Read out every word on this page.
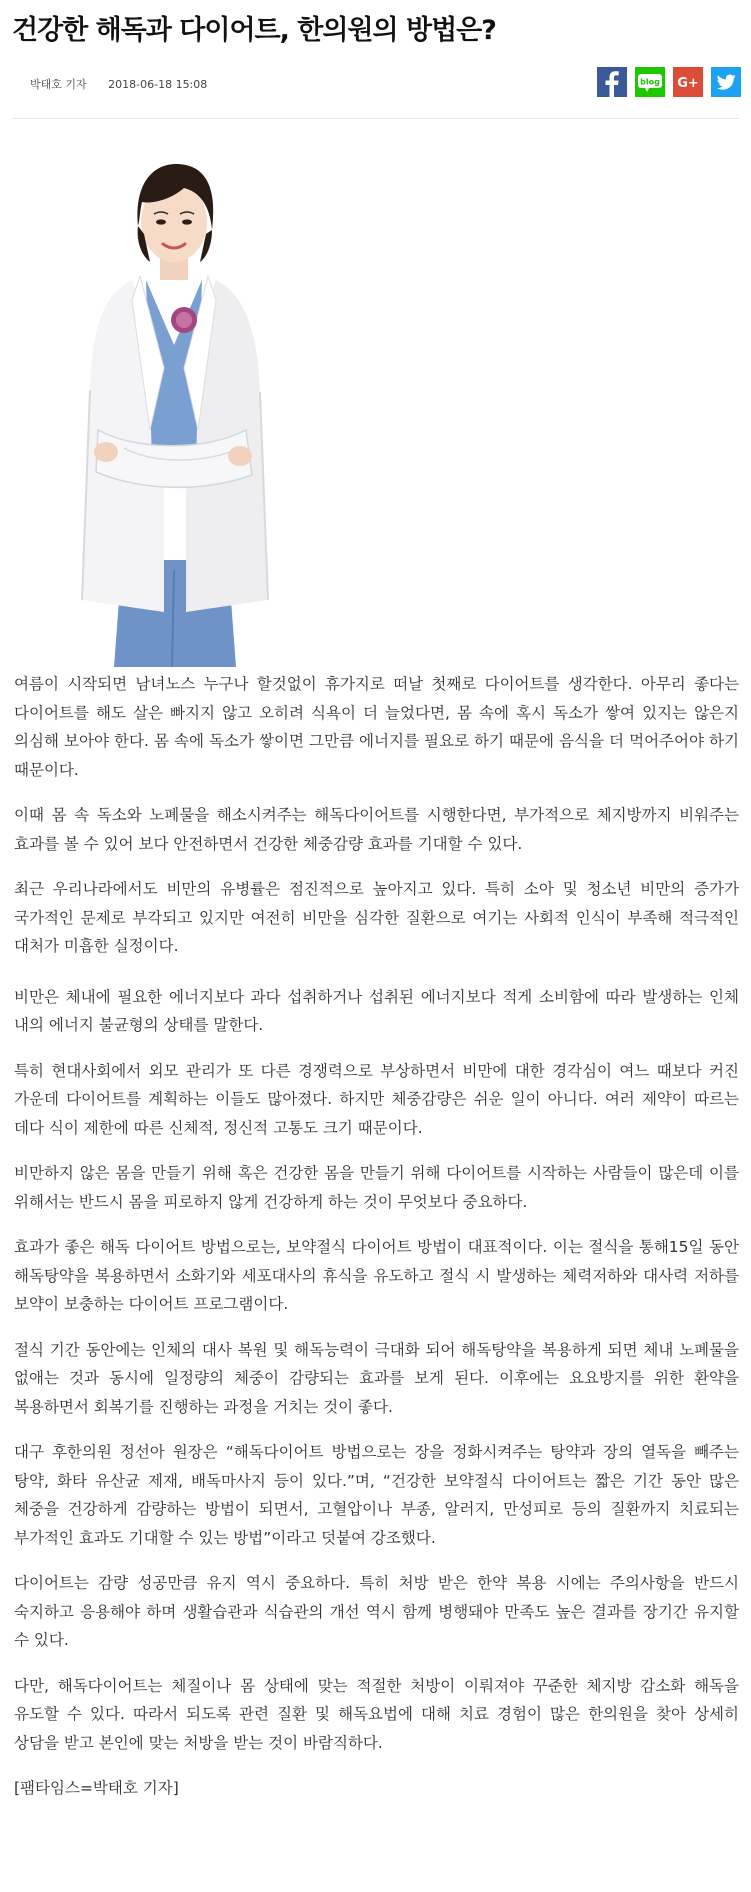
건강한 해독과 다이어트, 한의원의 방법은?
박태호 기자 2018-06-18 15:08	blog G+

여름이 시작되면 남녀노스 누구나 할것없이 휴가지로 떠날 첫째로 다이어트를 생각한다. 아무리 좋다는 다이어트를 해도 살은 빠지지 않고 오히려 식욕이 더 늘었다면, 몸 속에 혹시 독소가 쌓여 있지는 않은지 의심해 보아야 한다. 몸 속에 독소가 쌓이면 그만큼 에너지를 필요로 하기 때문에 음식을 더 먹어주어야 하기 때문이다.

이때 몸 속 독소와 노폐물을 해소시켜주는 해독다이어트를 시행한다면, 부가적으로 체지방까지 비워주는 효과를 볼 수 있어 보다 안전하면서 건강한 체중감량 효과를 기대할 수 있다.

최근 우리나라에서도 비만의 유병률은 점진적으로 높아지고 있다. 특히 소아 및 청소년 비만의 증가가 국가적인 문제로 부각되고 있지만 여전히 비만을 심각한 질환으로 여기는 사회적 인식이 부족해 적극적인 대처가 미흡한 실정이다.

비만은 체내에 필요한 에너지보다 과다 섭취하거나 섭취된 에너지보다 적게 소비함에 따라 발생하는 인체 내의 에너지 불균형의 상태를 말한다.

특히 현대사회에서 외모 관리가 또 다른 경쟁력으로 부상하면서 비만에 대한 경각심이 여느 때보다 커진 가운데 다이어트를 계획하는 이들도 많아졌다. 하지만 체중감량은 쉬운 일이 아니다. 여러 제약이 따르는 데다 식이 제한에 따른 신체적, 정신적 고통도 크기 때문이다.

비만하지 않은 몸을 만들기 위해 혹은 건강한 몸을 만들기 위해 다이어트를 시작하는 사람들이 많은데 이를 위해서는 반드시 몸을 피로하지 않게 건강하게 하는 것이 무엇보다 중요하다.

효과가 좋은 해독 다이어트 방법으로는, 보약절식 다이어트 방법이 대표적이다. 이는 절식을 통해15일 동안 해독탕약을 복용하면서 소화기와 세포대사의 휴식을 유도하고 절식 시 발생하는 체력저하와 대사력 저하를 보약이 보충하는 다이어트 프로그램이다.

절식 기간 동안에는 인체의 대사 복원 및 해독능력이 극대화 되어 해독탕약을 복용하게 되면 체내 노폐물을 없애는 것과 동시에 일정량의 체중이 감량되는 효과를 보게 된다. 이후에는 요요방지를 위한 환약을 복용하면서 회복기를 진행하는 과정을 거치는 것이 좋다.

대구 후한의원 정선아 원장은 “해독다이어트 방법으로는 장을 정화시켜주는 탕약과 장의 열독을 빼주는 탕약, 화타 유산균 제재, 배독마사지 등이 있다.”며, “건강한 보약절식 다이어트는 짧은 기간 동안 많은 체중을 건강하게 감량하는 방법이 되면서, 고혈압이나 부종, 알러지, 만성피로 등의 질환까지 치료되는 부가적인 효과도 기대할 수 있는 방법”이라고 덧붙여 강조했다.

다이어트는 감량 성공만큼 유지 역시 중요하다. 특히 처방 받은 한약 복용 시에는 주의사항을 반드시 숙지하고 응용해야 하며 생활습관과 식습관의 개선 역시 함께 병행돼야 만족도 높은 결과를 장기간 유지할 수 있다.

다만, 해독다이어트는 체질이나 몸 상태에 맞는 적절한 처방이 이뤄져야 꾸준한 체지방 감소화 해독을 유도할 수 있다. 따라서 되도록 관련 질환 및 해독요법에 대해 치료 경험이 많은 한의원을 찾아 상세히 상담을 받고 본인에 맞는 처방을 받는 것이 바람직하다.

[팸타임스=박태호 기자]
